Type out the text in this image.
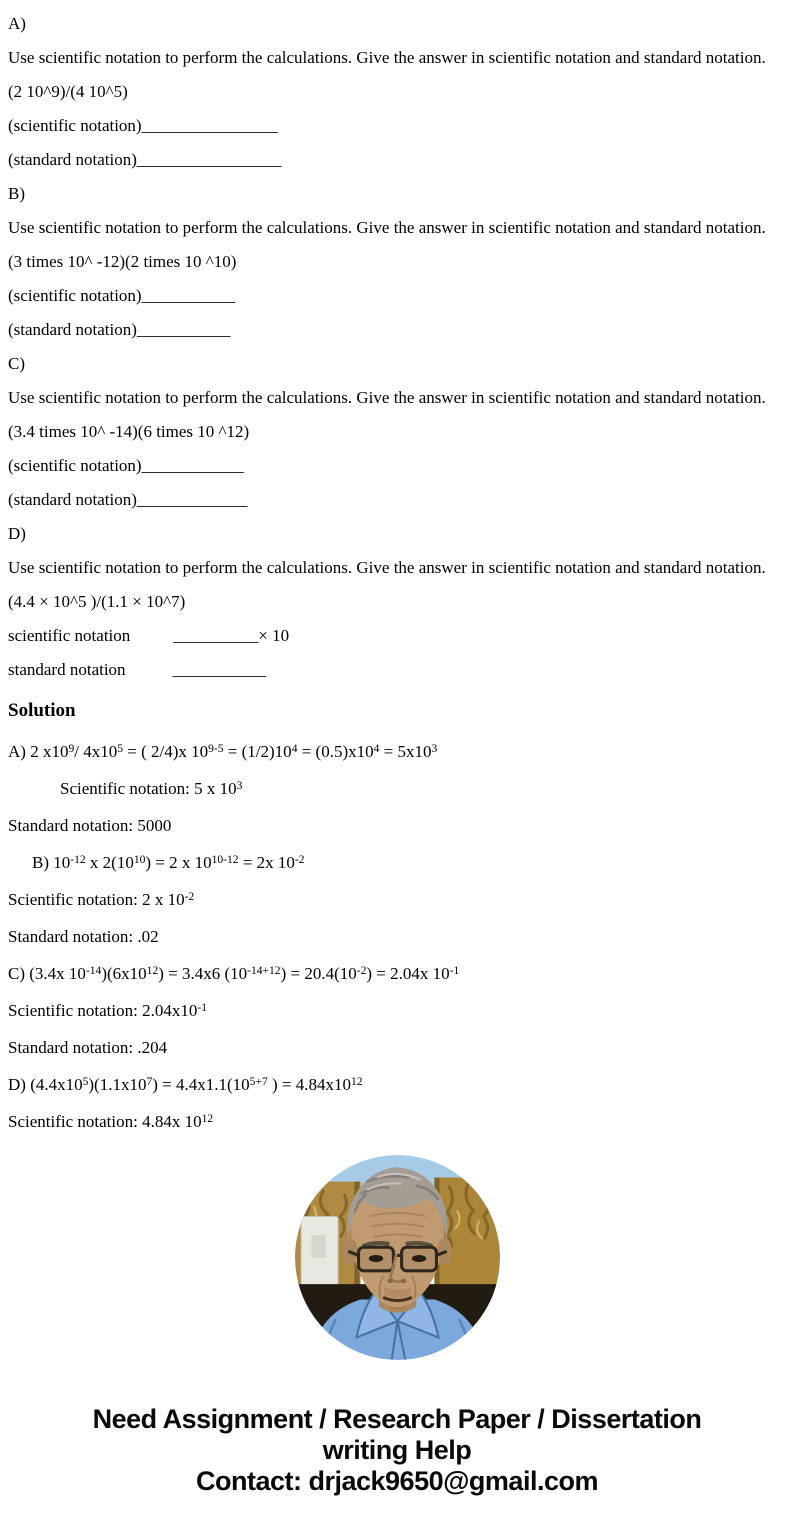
A)

Use scientific notation to perform the calculations. Give the answer in scientific notation and standard notation.

(2 10^9)/(4 10^5)

(scientific notation)________________

(standard notation)_________________

B)

Use scientific notation to perform the calculations. Give the answer in scientific notation and standard notation.

(3 times 10^ -12)(2 times 10 ^10)

(scientific notation)___________

(standard notation)___________

C)

Use scientific notation to perform the calculations. Give the answer in scientific notation and standard notation.

(3.4 times 10^ -14)(6 times 10 ^12)

(scientific notation)____________

(standard notation)_____________

D)

Use scientific notation to perform the calculations. Give the answer in scientific notation and standard notation.

(4.4 × 10^5 )/(1.1 × 10^7)

scientific notation	__________× 10

standard notation	___________

Solution

A) 2 $x10^9/$ $4x10^5$ = ( 2/4)x $10^{9-5} = (1/2)10^4 = (0.5)x10^4 = 5x10^3$

Scientific notation: 5 x $10^3$

Standard notation: 5000

B) $10^{-12}$ x $2(10^{10}) = 2$ x $10^{10-12} = 2x$ $10^{-2}$

Scientific notation: 2 x $10^{-2}$

Standard notation: .02

C) (3.4x $10^{-14})(6x10^{12}) = 3.4x6$ $(10^{-14+12}) = 20.4(10^{-2}) = 2.04x$ $10^{-1}$

Scientific notation: $2.04x10^{-1}$

Standard notation: .204

D) $(4.4x10^5)(1.1x10^7) = 4.4x1.1(10^{5+7}$ ) = $4.84x10^{12}$

Scientific notation: 4.84x $10^{12}$

Need Assignment / Research Paper / Dissertation
writing Help
Contact: drjack9650@gmail.com
